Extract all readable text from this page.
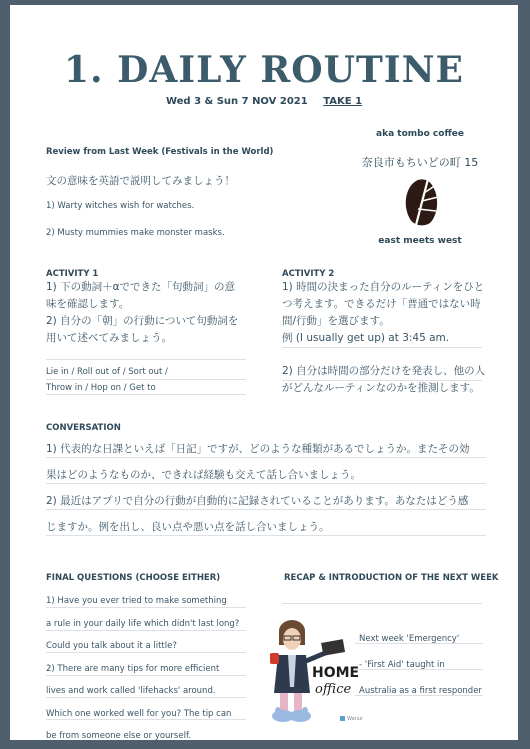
1. DAILY ROUTINE
Wed 3 & Sun 7 NOV 2021 TAKE 1
Review from Last Week (Festivals in the World)
文の意味を英語で説明してみましょう！
1) Warty witches wish for watches.
2) Musty mummies make monster masks.
aka tombo coffee
奈良市もちいどの町 15
east meets west
ACTIVITY 1
1) 下の動詞＋αでできた「句動詞」の意
味を確認します。
2) 自分の「朝」の行動について句動詞を
用いて述べてみましょう。
Lie in / Roll out of / Sort out /
Throw in / Hop on / Get to
ACTIVITY 2
1) 時間の決まった自分のルーティンをひと
つ考えます。できるだけ「普通ではない時
間/行動」を選びます。
例 (I usually get up) at 3:45 am.
2) 自分は時間の部分だけを発表し、他の人
がどんなルーティンなのかを推測します。
CONVERSATION
1) 代表的な日課といえば「日記」ですが、どのような種類があるでしょうか。またその効
果はどのようなものか、できれば経験も交えて話し合いましょう。
2) 最近はアプリで自分の行動が自動的に記録されていることがあります。あなたはどう感
じますか。例を出し、良い点や悪い点を話し合いましょう。
FINAL QUESTIONS (CHOOSE EITHER)
1) Have you ever tried to make something
a rule in your daily life which didn't last long?
Could you talk about it a little?
2) There are many tips for more efficient
lives and work called 'lifehacks' around.
Which one worked well for you? The tip can
be from someone else or yourself.
RECAP & INTRODUCTION OF THE NEXT WEEK
Next week 'Emergency'
- 'First Aid' taught in
Australia as a first responder
HOME
office
Wanur
